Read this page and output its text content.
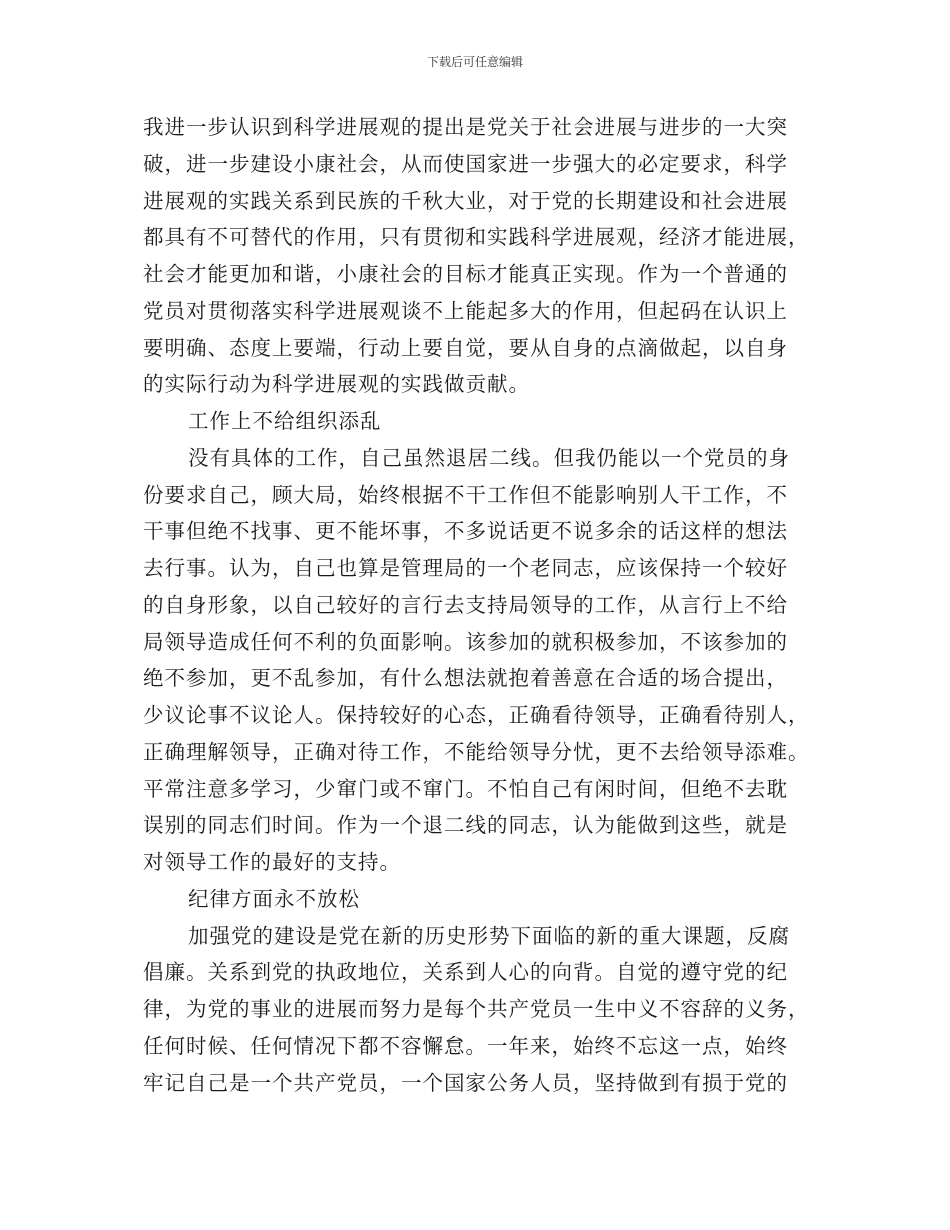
下载后可任意编辑
我进一步认识到科学进展观的提出是党关于社会进展与进步的一大突
破，进一步建设小康社会，从而使国家进一步强大的必定要求，科学
进展观的实践关系到民族的千秋大业，对于党的长期建设和社会进展
都具有不可替代的作用，只有贯彻和实践科学进展观，经济才能进展，
社会才能更加和谐，小康社会的目标才能真正实现。作为一个普通的
党员对贯彻落实科学进展观谈不上能起多大的作用，但起码在认识上
要明确、态度上要端，行动上要自觉，要从自身的点滴做起，以自身
的实际行动为科学进展观的实践做贡献。
工作上不给组织添乱
没有具体的工作，自己虽然退居二线。但我仍能以一个党员的身
份要求自己，顾大局，始终根据不干工作但不能影响别人干工作，不
干事但绝不找事、更不能坏事，不多说话更不说多余的话这样的想法
去行事。认为，自己也算是管理局的一个老同志，应该保持一个较好
的自身形象，以自己较好的言行去支持局领导的工作，从言行上不给
局领导造成任何不利的负面影响。该参加的就积极参加，不该参加的
绝不参加，更不乱参加，有什么想法就抱着善意在合适的场合提出，
少议论事不议论人。保持较好的心态，正确看待领导，正确看待别人，
正确理解领导，正确对待工作，不能给领导分忧，更不去给领导添难。
平常注意多学习，少窜门或不窜门。不怕自己有闲时间，但绝不去耽
误别的同志们时间。作为一个退二线的同志，认为能做到这些，就是
对领导工作的最好的支持。
纪律方面永不放松
加强党的建设是党在新的历史形势下面临的新的重大课题，反腐
倡廉。关系到党的执政地位，关系到人心的向背。自觉的遵守党的纪
律，为党的事业的进展而努力是每个共产党员一生中义不容辞的义务，
任何时候、任何情况下都不容懈怠。一年来，始终不忘这一点，始终
牢记自己是一个共产党员，一个国家公务人员，坚持做到有损于党的
